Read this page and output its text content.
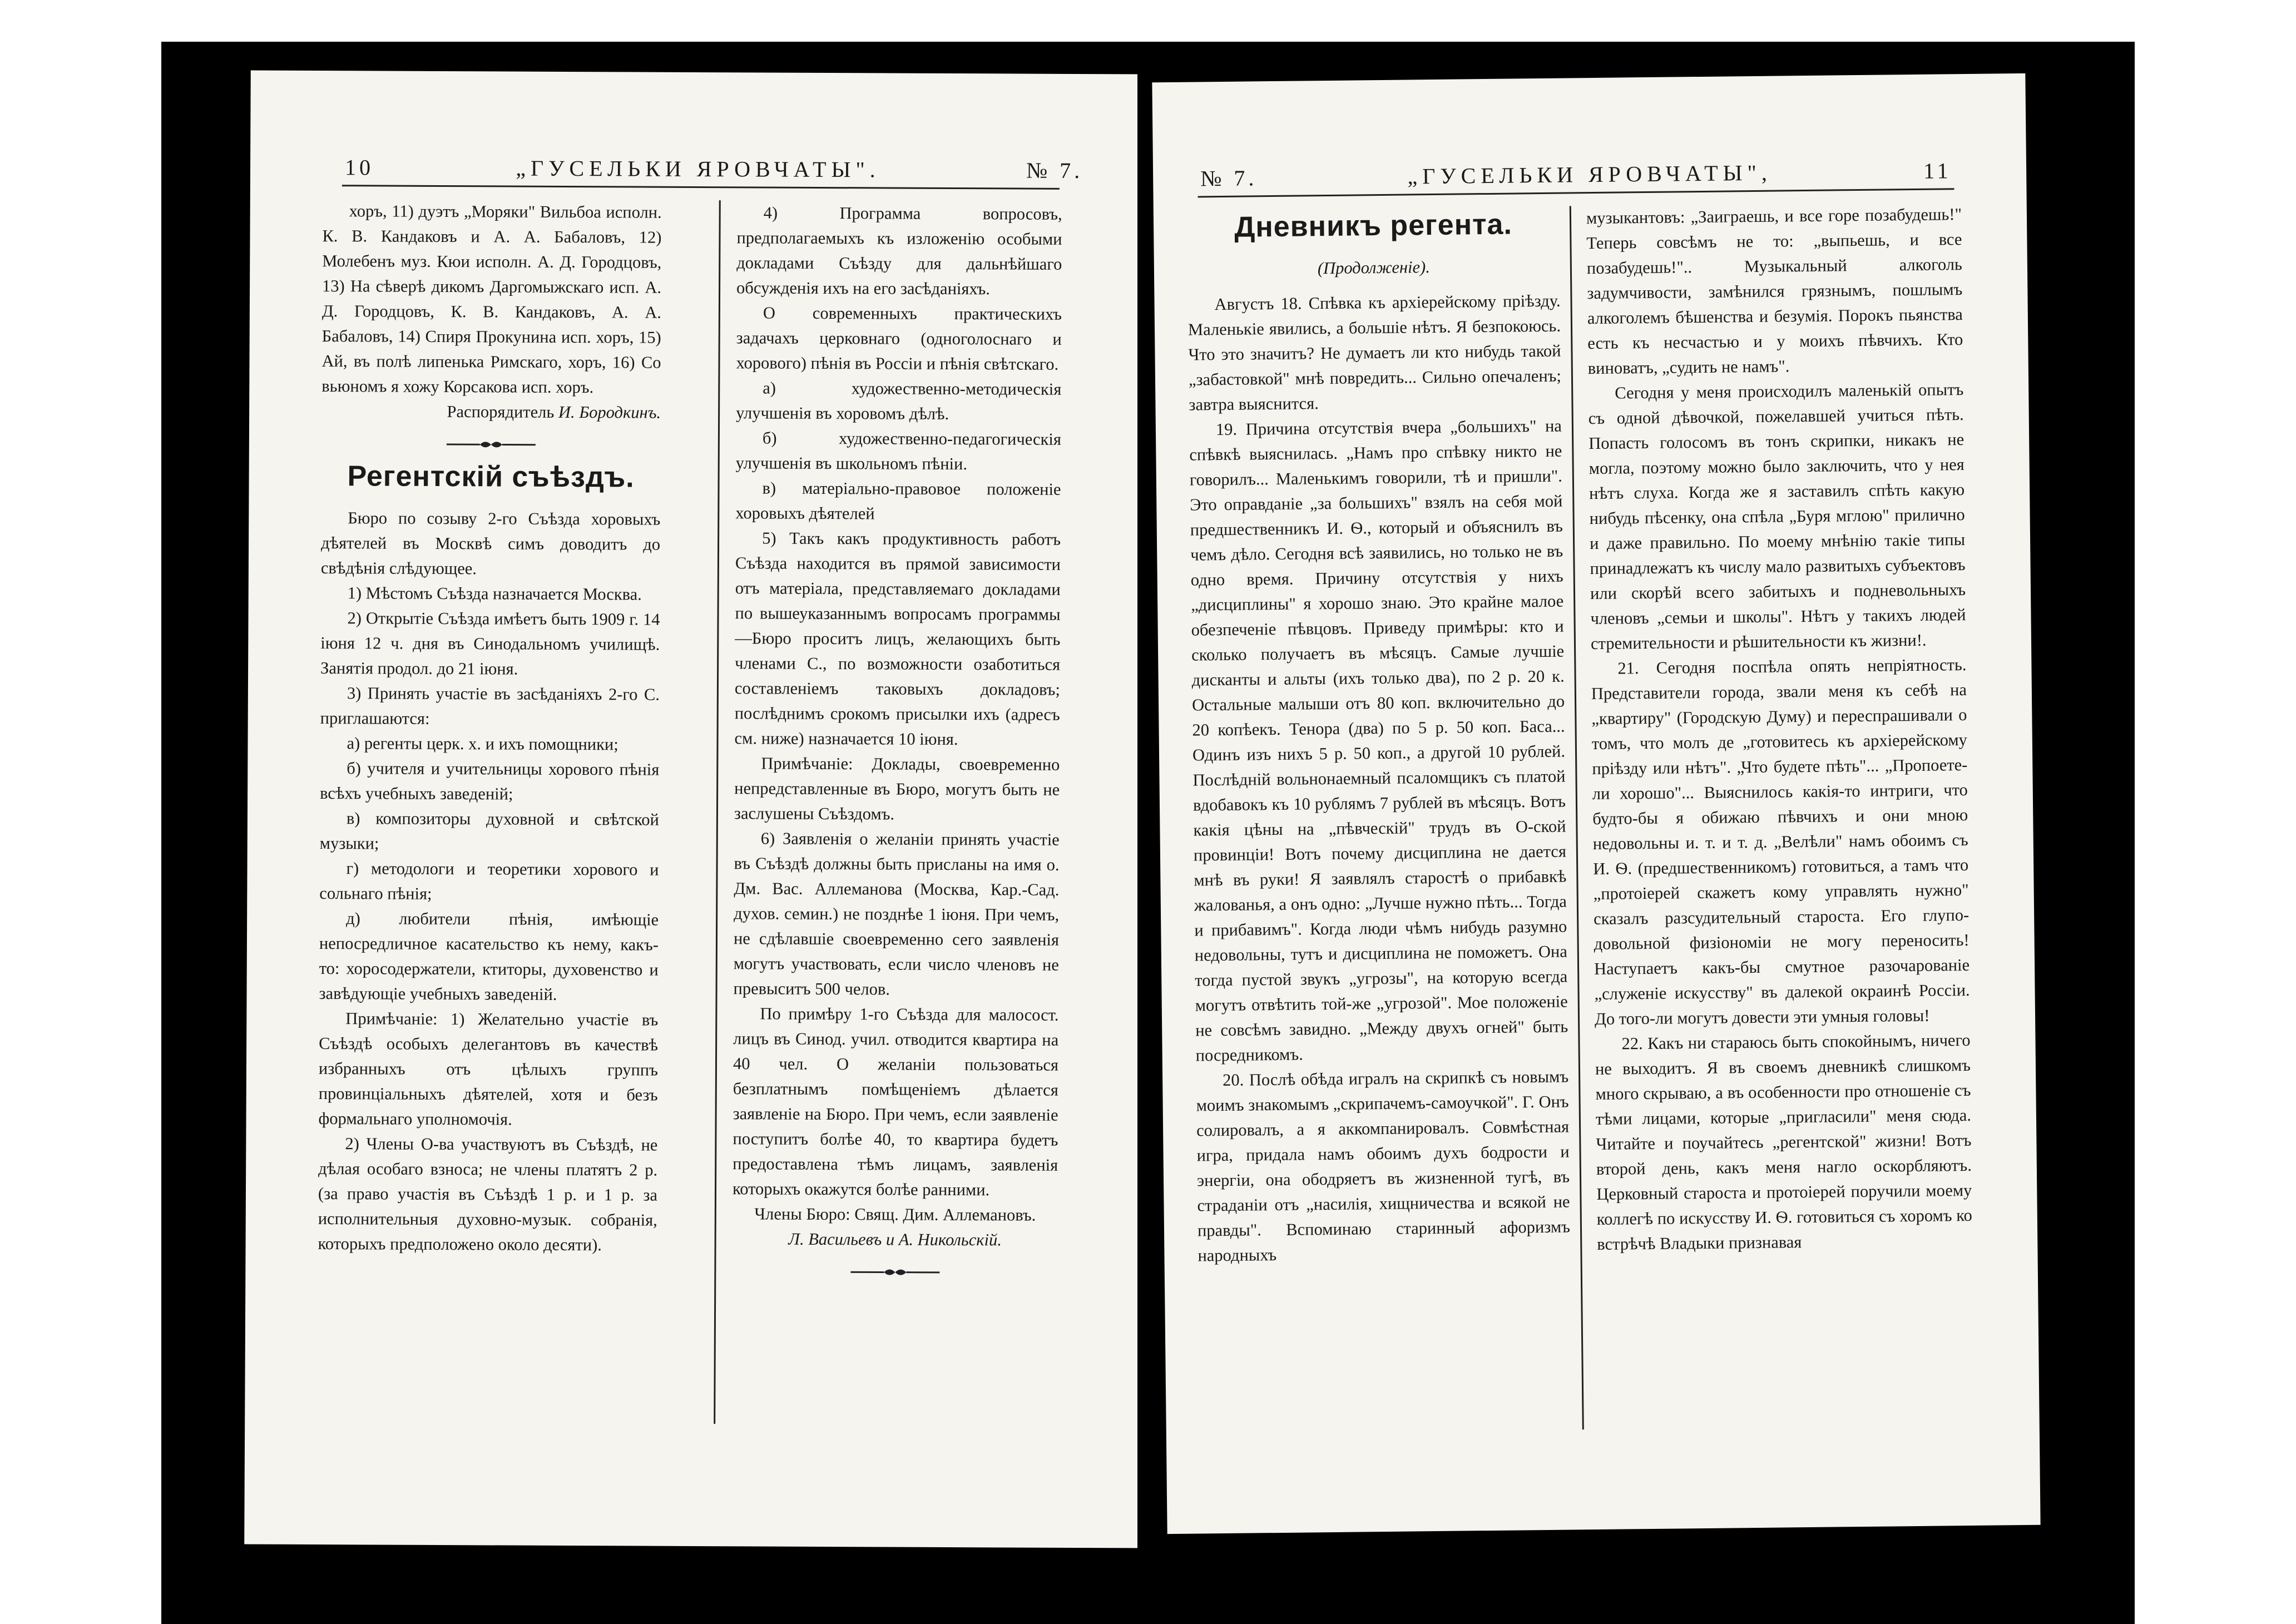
10	„ГУСЕЛЬКИ ЯРОВЧАТЫ".	№ 7.

хоръ, 11) дуэтъ „Моряки" Вильбоа исполн. К. В. Кандаковъ и А. А. Бабаловъ, 12) Молебенъ муз. Кюи исполн. А. Д. Городцовъ, 13) На сѣверѣ дикомъ Даргомыжскаго исп. А. Д. Городцовъ, К. В. Кандаковъ, А. А. Бабаловъ, 14) Спиря Прокунина исп. хоръ, 15) Ай, въ полѣ липенька Римскаго, хоръ, 16) Со вьюномъ я хожу Корсакова исп. хоръ.

Распорядитель И. Бородкинъ.

Регентскій съѣздъ.

Бюро по созыву 2-го Съѣзда хоровыхъ дѣятелей въ Москвѣ симъ доводитъ до свѣдѣнія слѣдующее.

1) Мѣстомъ Съѣзда назначается Москва.

2) Открытіе Съѣзда имѣетъ быть 1909 г. 14 іюня 12 ч. дня въ Синодальномъ училищѣ. Занятія продол. до 21 іюня.

3) Принять участіе въ засѣданіяхъ 2-го С. приглашаются:

а) регенты церк. х. и ихъ помощники;

б) учителя и учительницы хорового пѣнія всѣхъ учебныхъ заведеній;

в) композиторы духовной и свѣтской музыки;

г) методологи и теоретики хорового и сольнаго пѣнія;

д) любители пѣнія, имѣющіе непосредличное касательство къ нему, какъ-то: хоросодержатели, ктиторы, духовенство и завѣдующіе учебныхъ заведеній.

Примѣчаніе: 1) Желательно участіе въ Съѣздѣ особыхъ делегантовъ въ качествѣ избранныхъ отъ цѣлыхъ группъ провинціальныхъ дѣятелей, хотя и безъ формальнаго уполномочія.

2) Члены О-ва участвуютъ въ Съѣздѣ, не дѣлая особаго взноса; не члены платятъ 2 р. (за право участія въ Съѣздѣ 1 р. и 1 р. за исполнительныя духовно-музык. собранія, которыхъ предположено около десяти).

4) Программа вопросовъ, предполагаемыхъ къ изложенію особыми докладами Съѣзду для дальнѣйшаго обсужденія ихъ на его засѣданіяхъ.

О современныхъ практическихъ задачахъ церковнаго (одноголоснаго и хорового) пѣнія въ Россіи и пѣнія свѣтскаго.

а) художественно-методическія улучшенія въ хоровомъ дѣлѣ.

б) художественно-педагогическія улучшенія въ школьномъ пѣніи.

в) матеріально-правовое положеніе хоровыхъ дѣятелей

5) Такъ какъ продуктивность работъ Съѣзда находится въ прямой зависимости отъ матеріала, представляемаго докладами по вышеуказаннымъ вопросамъ программы—Бюро проситъ лицъ, желающихъ быть членами С., по возможности озаботиться составленіемъ таковыхъ докладовъ; послѣднимъ срокомъ присылки ихъ (адресъ см. ниже) назначается 10 іюня.

Примѣчаніе: Доклады, своевременно непредставленные въ Бюро, могутъ быть не заслушены Съѣздомъ.

6) Заявленія о желаніи принять участіе въ Съѣздѣ должны быть присланы на имя о. Дм. Вас. Аллеманова (Москва, Кар.-Сад. духов. семин.) не позднѣе 1 іюня. При чемъ, не сдѣлавшіе своевременно сего заявленія могутъ участвовать, если число членовъ не превыситъ 500 челов.

По примѣру 1-го Съѣзда для малосост. лицъ въ Синод. учил. отводится квартира на 40 чел. О желаніи пользоваться безплатнымъ помѣщеніемъ дѣлается заявленіе на Бюро. При чемъ, если заявленіе поступитъ болѣе 40, то квартира будетъ предоставлена тѣмъ лицамъ, заявленія которыхъ окажутся болѣе ранними.

Члены Бюро: Свящ. Дим. Аллемановъ.

Л. Васильевъ и А. Никольскій.

№ 7.	„ГУСЕЛЬКИ ЯРОВЧАТЫ",	11
Дневникъ регента.
(Продолженіе).

Августъ 18. Спѣвка къ архіерейскому пріѣзду. Маленькіе явились, а большіе нѣтъ. Я безпокоюсь. Что это значитъ? Не думаетъ ли кто нибудь такой „забастовкой" мнѣ повредить... Сильно опечаленъ; завтра выяснится.

19. Причина отсутствія вчера „большихъ" на спѣвкѣ выяснилась. „Намъ про спѣвку никто не говорилъ... Маленькимъ говорили, тѣ и пришли". Это оправданіе „за большихъ" взялъ на себя мой предшественникъ И. Ѳ., который и объяснилъ въ чемъ дѣло. Сегодня всѣ заявились, но только не въ одно время. Причину отсутствія у нихъ „дисциплины" я хорошо знаю. Это крайне малое обезпеченіе пѣвцовъ. Приведу примѣры: кто и сколько получаетъ въ мѣсяцъ. Самые лучшіе дисканты и альты (ихъ только два), по 2 р. 20 к. Остальные малыши отъ 80 коп. включительно до 20 копѣекъ. Тенора (два) по 5 р. 50 коп. Баса... Одинъ изъ нихъ 5 р. 50 коп., а другой 10 рублей. Послѣдній вольнонаемный псаломщикъ съ платой вдобавокъ къ 10 рублямъ 7 рублей въ мѣсяцъ. Вотъ какія цѣны на „пѣвческій" трудъ въ О-ской провинціи! Вотъ почему дисциплина не дается мнѣ въ руки! Я заявлялъ старостѣ о прибавкѣ жалованья, а онъ одно: „Лучше нужно пѣть... Тогда и прибавимъ". Когда люди чѣмъ нибудь разумно недовольны, тутъ и дисциплина не поможетъ. Она тогда пустой звукъ „угрозы", на которую всегда могутъ отвѣтить той-же „угрозой". Мое положеніе не совсѣмъ завидно. „Между двухъ огней" быть посредникомъ.

20. Послѣ обѣда игралъ на скрипкѣ съ новымъ моимъ знакомымъ „скрипачемъ-самоучкой". Г. Онъ солировалъ, а я аккомпанировалъ. Совмѣстная игра, придала намъ обоимъ духъ бодрости и энергіи, она ободряетъ въ жизненной тугѣ, въ страданіи отъ „насилія, хищничества и всякой не правды". Вспоминаю старинный афоризмъ народныхъ

музыкантовъ: „Заиграешь, и все горе позабудешь!" Теперь совсѣмъ не то: „выпьешь, и все позабудешь!".. Музыкальный алкоголь задумчивости, замѣнился грязнымъ, пошлымъ алкоголемъ бѣшенства и безумія. Порокъ пьянства есть къ несчастью и у моихъ пѣвчихъ. Кто виноватъ, „судить не намъ".

Сегодня у меня происходилъ маленькій опытъ съ одной дѣвочкой, пожелавшей учиться пѣть. Попасть голосомъ въ тонъ скрипки, никакъ не могла, поэтому можно было заключить, что у нея нѣтъ слуха. Когда же я заставилъ спѣть какую нибудь пѣсенку, она спѣла „Буря мглою" прилично и даже правильно. По моему мнѣнію такіе типы принадлежатъ къ числу мало развитыхъ субъектовъ или скорѣй всего забитыхъ и подневольныхъ членовъ „семьи и школы". Нѣтъ у такихъ людей стремительности и рѣшительности къ жизни!.

21. Сегодня поспѣла опять непріятность. Представители города, звали меня къ себѣ на „квартиру" (Городскую Думу) и переспрашивали о томъ, что молъ де „готовитесь къ архіерейскому пріѣзду или нѣтъ". „Что будете пѣть"... „Пропоете-ли хорошо"... Выяснилось какія-то интриги, что будто-бы я обижаю пѣвчихъ и они мною недовольны и. т. и т. д. „Велѣли" намъ обоимъ съ И. Ѳ. (предшественникомъ) готовиться, а тамъ что „протоіерей скажетъ кому управлять нужно" сказалъ разсудительный староста. Его глупо-довольной физіономіи не могу переносить! Наступаетъ какъ-бы смутное разочарованіе „служеніе искусству" въ далекой окраинѣ Россіи. До того-ли могутъ довести эти умныя головы!

22. Какъ ни стараюсь быть спокойнымъ, ничего не выходитъ. Я въ своемъ дневникѣ слишкомъ много скрываю, а въ особенности про отношеніе съ тѣми лицами, которые „пригласили" меня сюда. Читайте и поучайтесь „регентской" жизни! Вотъ второй день, какъ меня нагло оскорбляютъ. Церковный староста и протоіерей поручили моему коллегѣ по искусству И. Ѳ. готовиться съ хоромъ ко встрѣчѣ Владыки признавая
